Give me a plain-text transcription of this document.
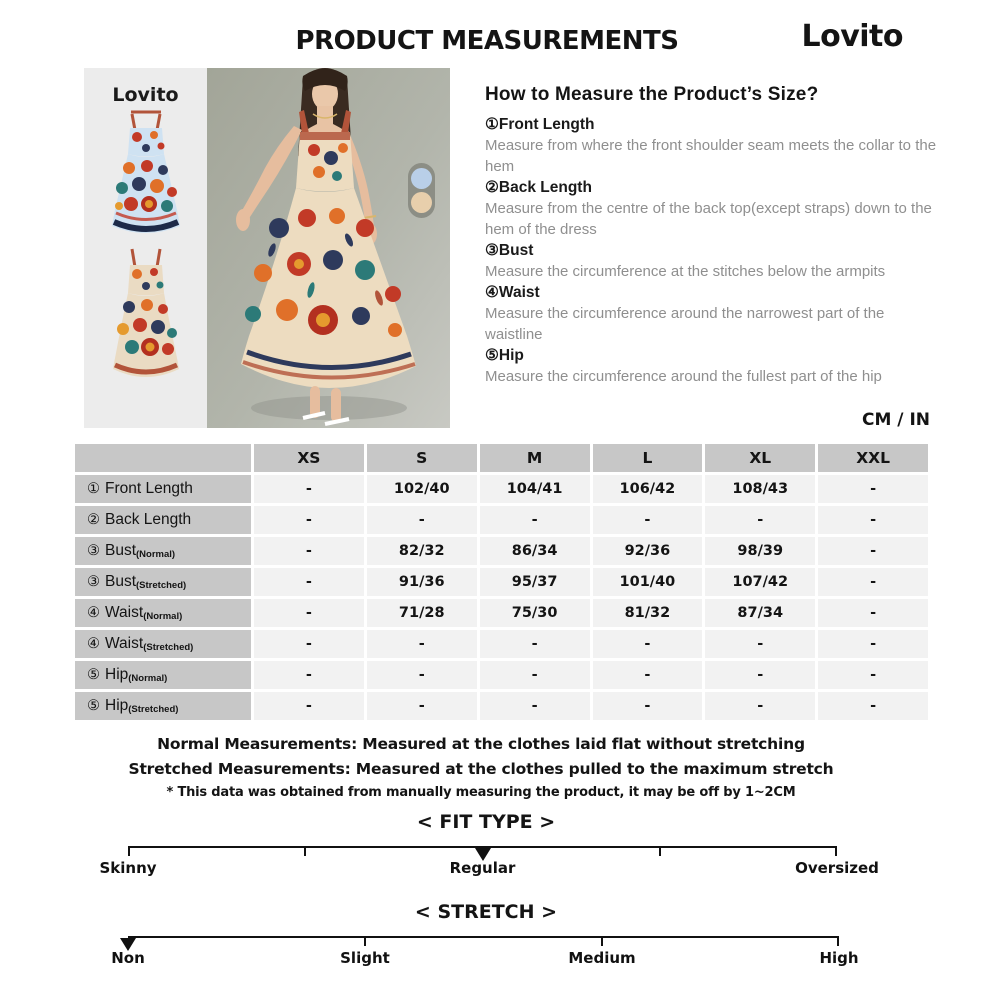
PRODUCT MEASUREMENTS	Lovito
Lovito	How to Measure the Product’s Size?
①Front Length
Measure from where the front shoulder seam meets the collar to the hem
②Back Length
Measure from the centre of the back top(except straps) down to the hem of the dress
③Bust
Measure the circumference at the stitches below the armpits
④Waist
Measure the circumference around the narrowest part of the waistline
⑤Hip
Measure the circumference around the fullest part of the hip
CM / IN
XS	S	M	L	XL	XXL
① Front Length	-	102/40	104/41	106/42	108/43	-
② Back Length	-	-	-	-	-	-
③ Bust (Normal)	-	82/32	86/34	92/36	98/39	-
③ Bust (Stretched)	-	91/36	95/37	101/40	107/42	-
④ Waist (Normal)	-	71/28	75/30	81/32	87/34	-
④ Waist (Stretched)	-	-	-	-	-	-
⑤ Hip (Normal)	-	-	-	-	-	-
⑤ Hip (Stretched)	-	-	-	-	-	-
Normal Measurements: Measured at the clothes laid flat without stretching
Stretched Measurements: Measured at the clothes pulled to the maximum stretch
* This data was obtained from manually measuring the product, it may be off by 1~2CM
< FIT TYPE >
Skinny	Regular	Oversized
< STRETCH >
Non	Slight	Medium	High
